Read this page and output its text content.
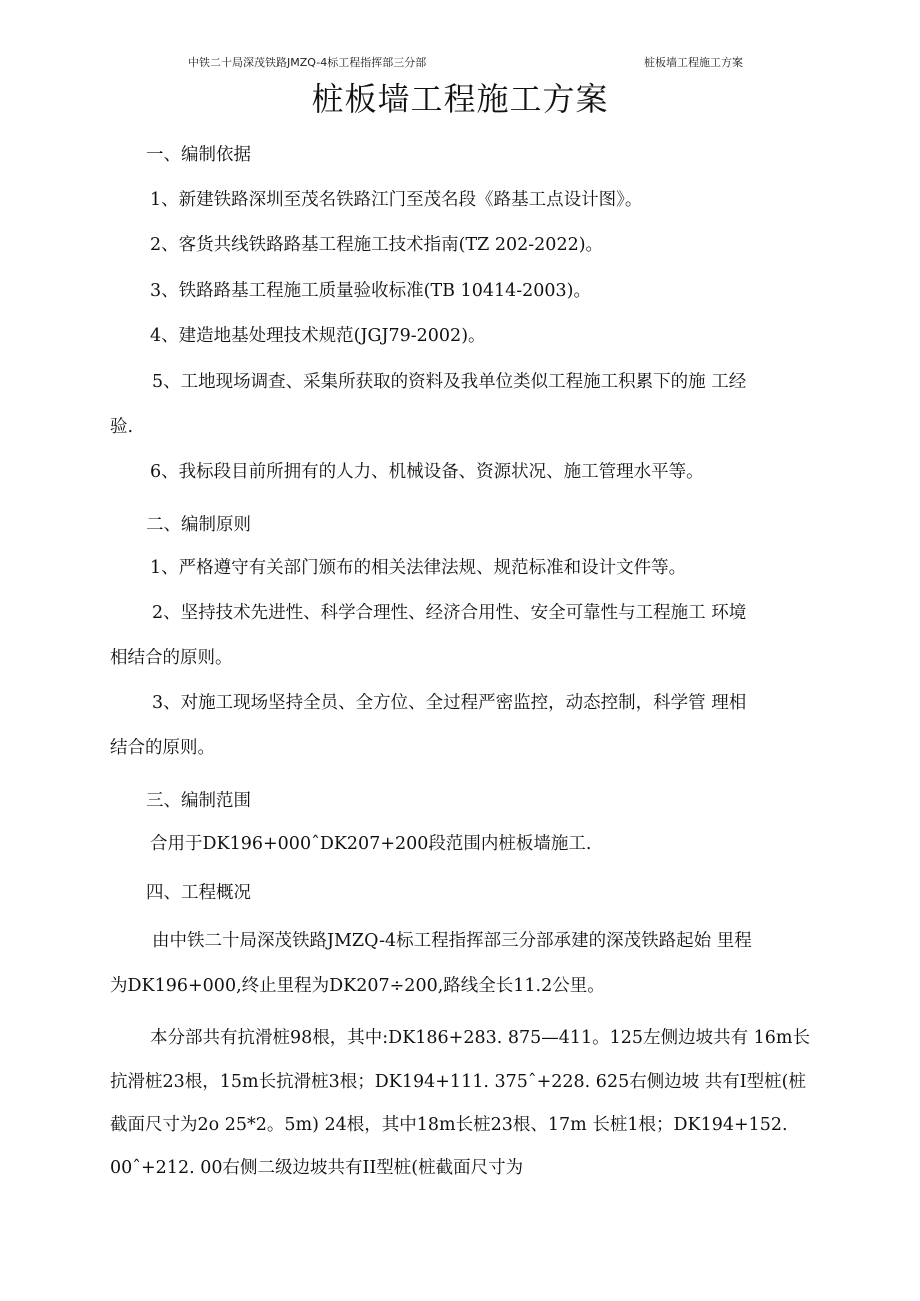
中铁二十局深茂铁路JMZQ-4标工程指挥部三分部	桩板墙工程施工方案
桩板墙工程施工方案
一、编制依据
1、新建铁路深圳至茂名铁路江门至茂名段《路基工点设计图》。
2、客货共线铁路路基工程施工技术指南(TZ 202-2022)。
3、铁路路基工程施工质量验收标准(TB 10414-2003)。
4、建造地基处理技术规范(JGJ79-2002)。
5、工地现场调查、采集所获取的资料及我单位类似工程施工积累下的施 工经
验.
6、我标段目前所拥有的人力、机械设备、资源状况、施工管理水平等。
二、编制原则
1、严格遵守有关部门颁布的相关法律法规、规范标准和设计文件等。
2、坚持技术先进性、科学合理性、经济合用性、安全可靠性与工程施工 环境
相结合的原则。
3、对施工现场坚持全员、全方位、全过程严密监控，动态控制，科学管 理相
结合的原则。
三、编制范围
合用于DK196+000ˆDK207+200段范围内桩板墙施工.
四、工程概况
由中铁二十局深茂铁路JMZQ-4标工程指挥部三分部承建的深茂铁路起始 里程
为DK196+000,终止里程为DK207÷200,路线全长11.2公里。
本分部共有抗滑桩98根，其中:DK186+283. 875—411。125左侧边坡共有 16m长
抗滑桩23根，15m长抗滑桩3根；DK194+111. 375ˆ+228. 625右侧边坡 共有I型桩(桩
截面尺寸为2o 25*2。5m) 24根，其中18m长桩23根、17m 长桩1根；DK194+152.
00ˆ+212. 00右侧二级边坡共有II型桩(桩截面尺寸为
